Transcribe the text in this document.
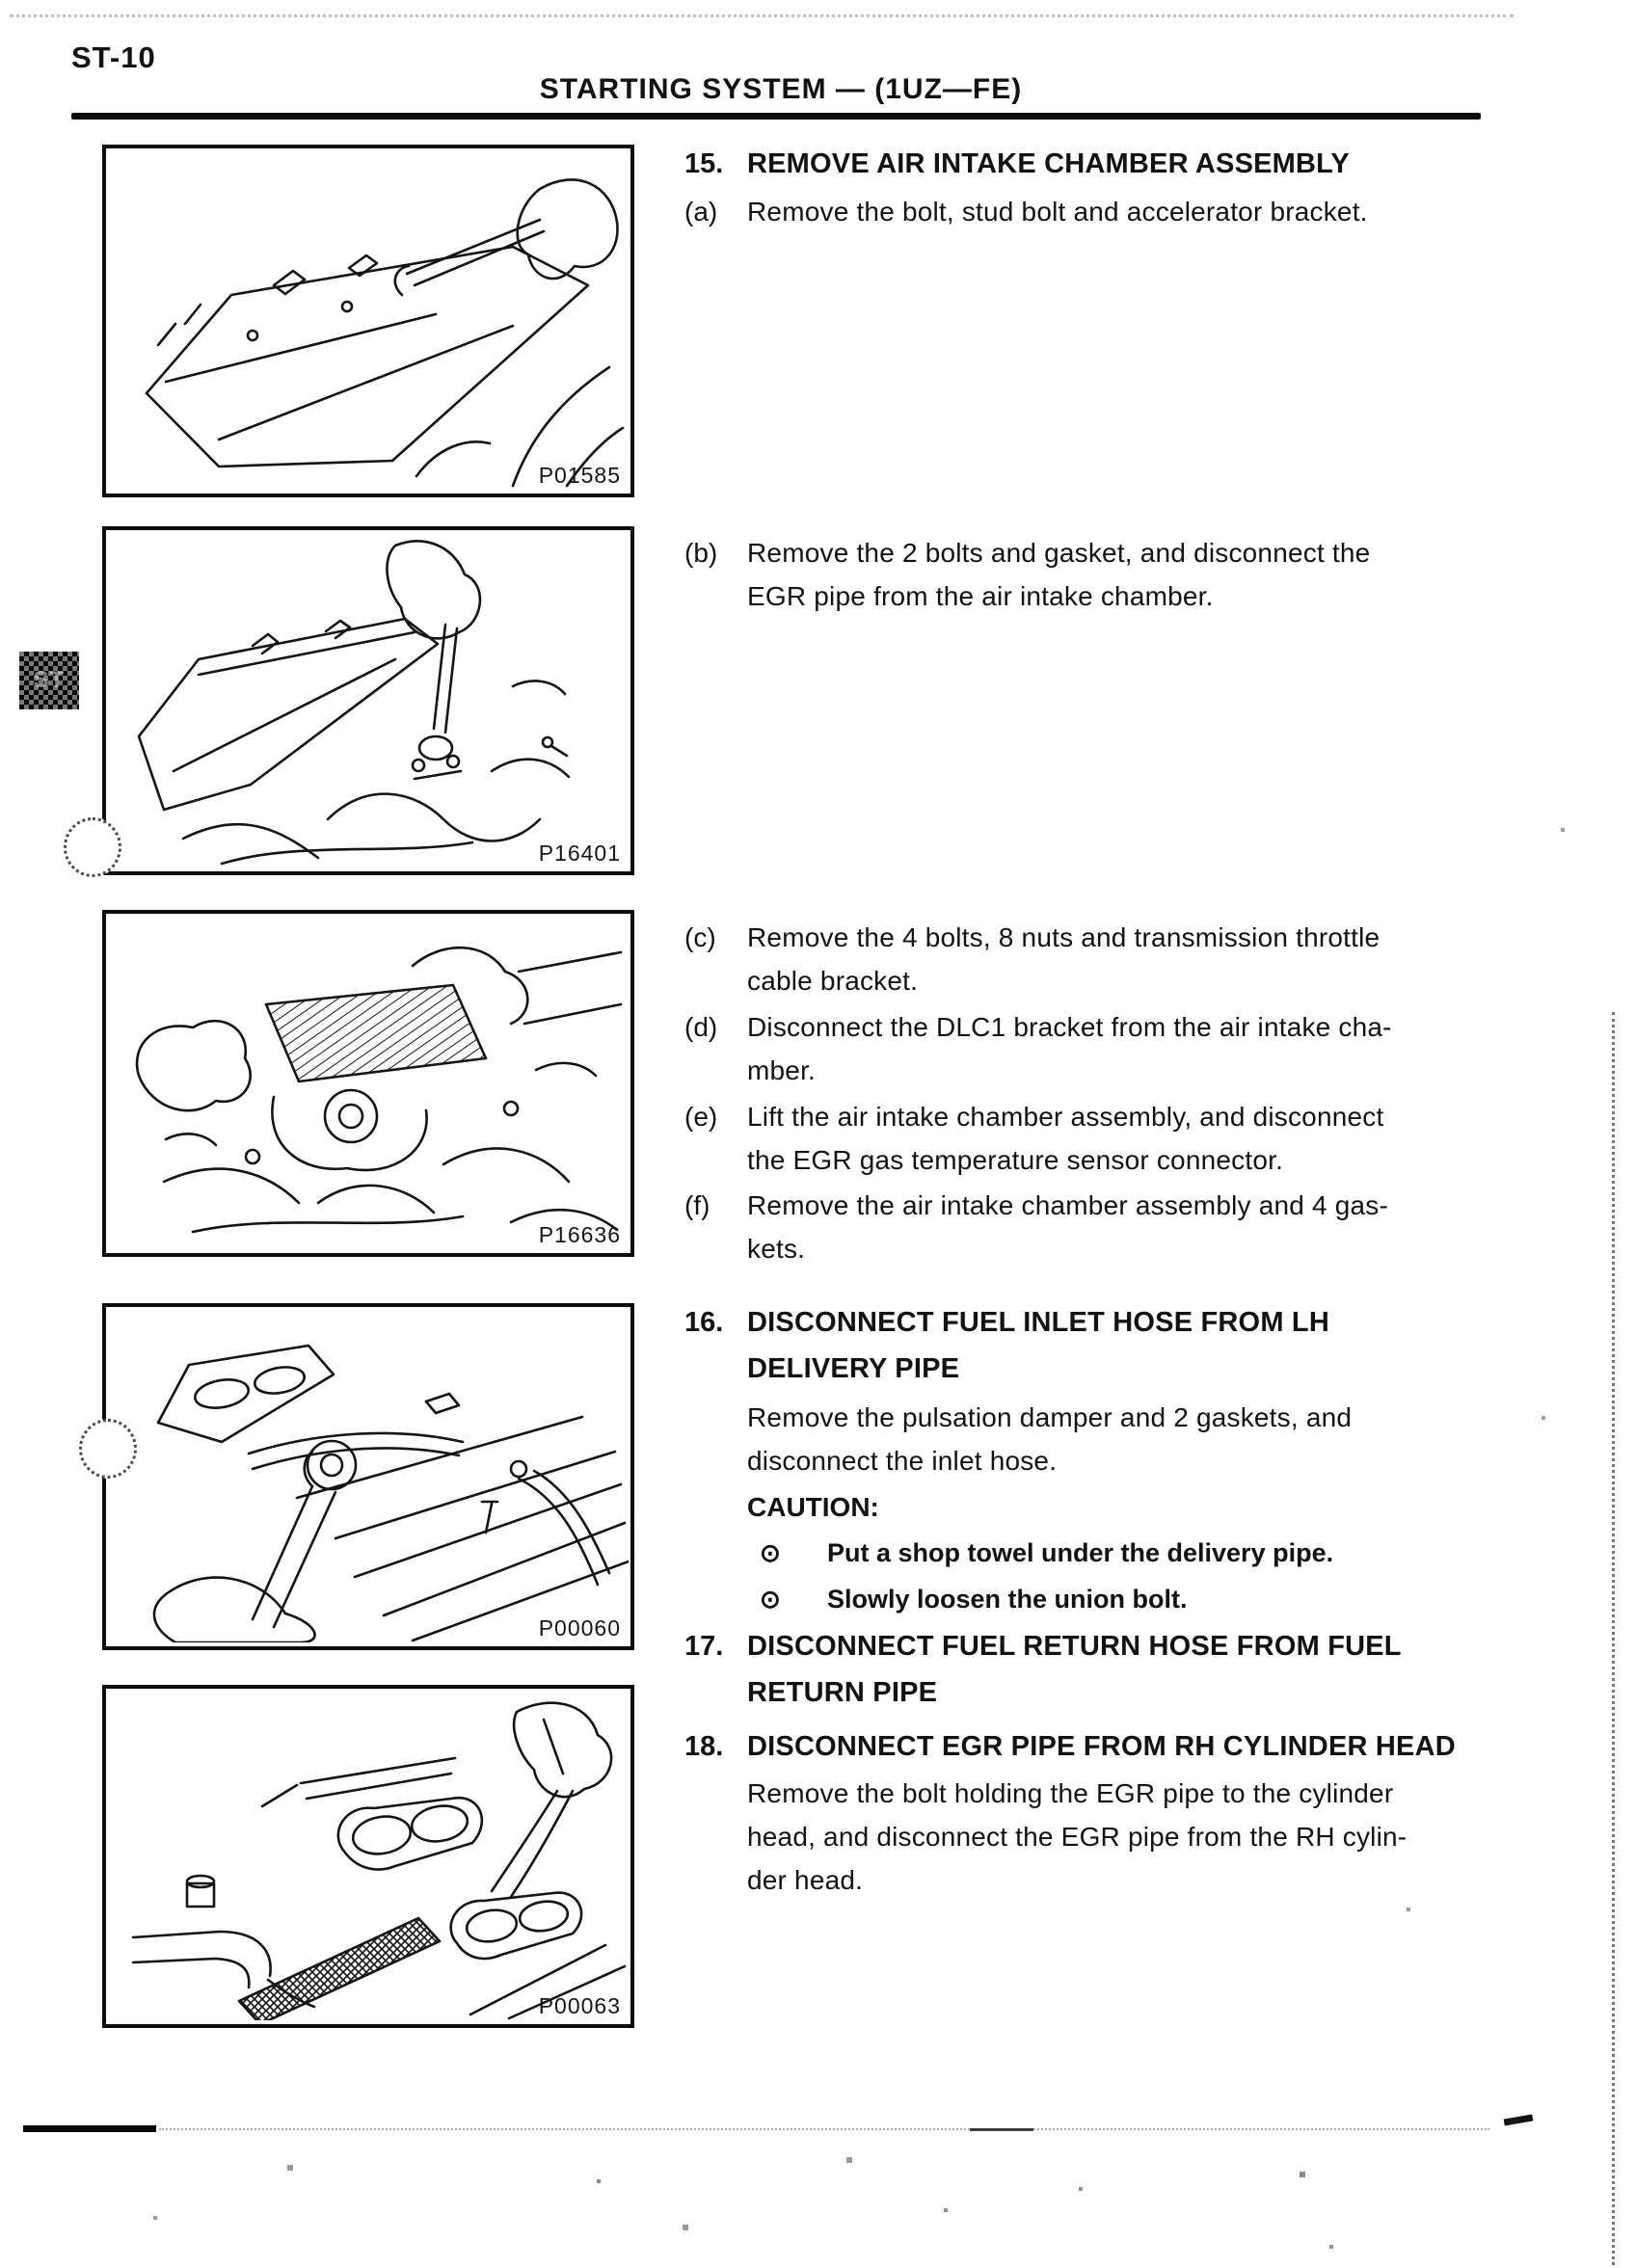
ST-10
STARTING SYSTEM — (1UZ—FE)
ST
P01585
P16401
P16636
P00060
P00063
15. REMOVE AIR INTAKE CHAMBER ASSEMBLY
(a)	Remove the bolt, stud bolt and accelerator bracket.
(b)	Remove the 2 bolts and gasket, and disconnect the
EGR pipe from the air intake chamber.
(c)	Remove the 4 bolts, 8 nuts and transmission throttle
cable bracket.
(d)	Disconnect the DLC1 bracket from the air intake cha-
mber.
(e)	Lift the air intake chamber assembly, and disconnect
the EGR gas temperature sensor connector.
(f)	Remove the air intake chamber assembly and 4 gas-
kets.
16. DISCONNECT FUEL INLET HOSE FROM LH
DELIVERY PIPE
Remove the pulsation damper and 2 gaskets, and
disconnect the inlet hose.
CAUTION:
⊙	Put a shop towel under the delivery pipe.
⊙	Slowly loosen the union bolt.
17. DISCONNECT FUEL RETURN HOSE FROM FUEL
RETURN PIPE
18. DISCONNECT EGR PIPE FROM RH CYLINDER HEAD
Remove the bolt holding the EGR pipe to the cylinder
head, and disconnect the EGR pipe from the RH cylin-
der head.
